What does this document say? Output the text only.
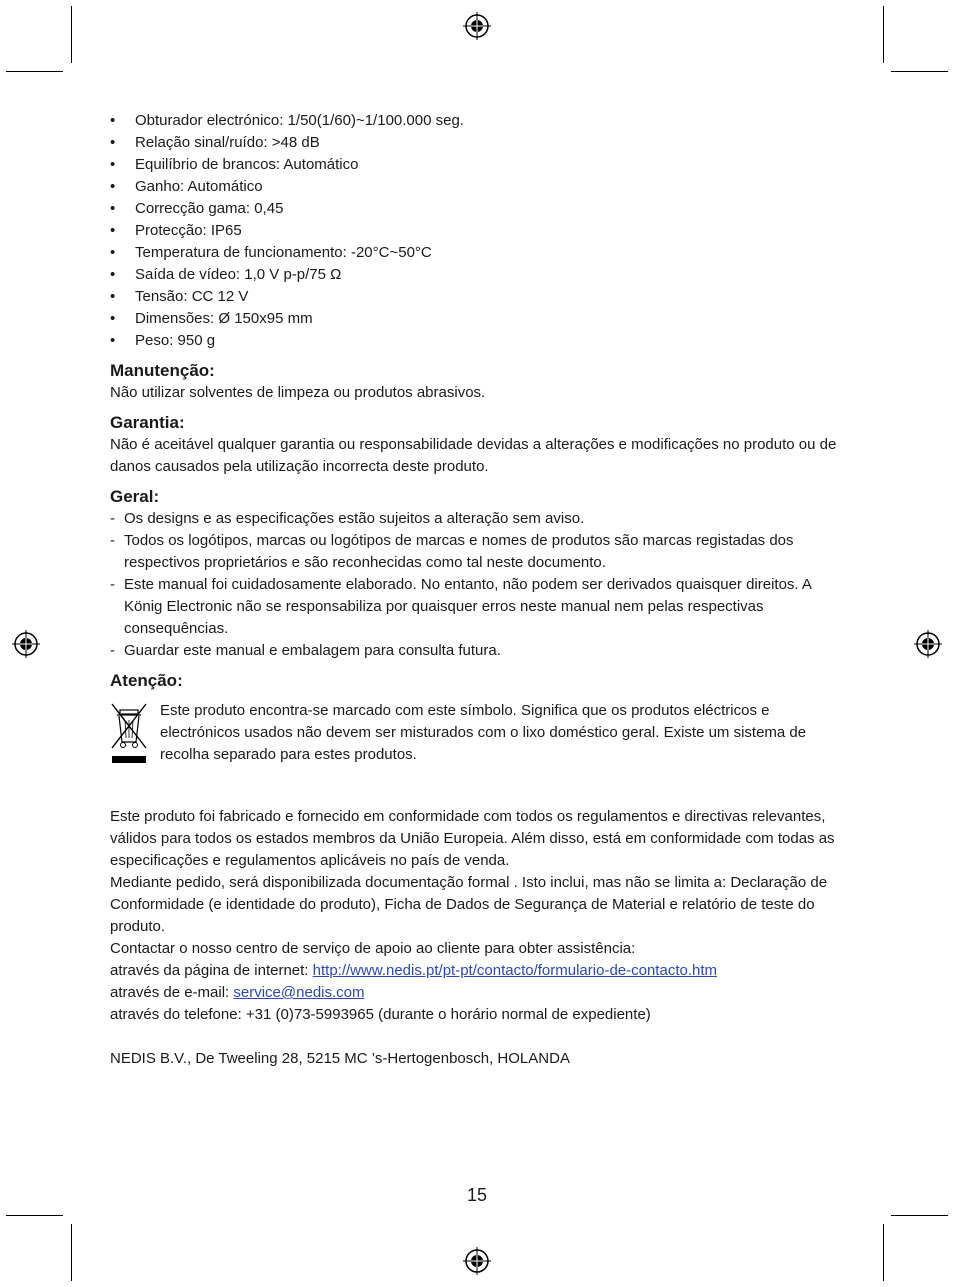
• Obturador electrónico: 1/50(1/60)~1/100.000 seg.
• Relação sinal/ruído: >48 dB
• Equilíbrio de brancos: Automático
• Ganho: Automático
• Correcção gama: 0,45
• Protecção: IP65
• Temperatura de funcionamento: -20°C~50°C
• Saída de vídeo: 1,0 V p-p/75 Ω
• Tensão: CC 12 V
• Dimensões: Ø 150x95 mm
• Peso: 950 g
Manutenção:

Não utilizar solventes de limpeza ou produtos abrasivos.

Garantia:

Não é aceitável qualquer garantia ou responsabilidade devidas a alterações e modificações no produto ou de danos causados pela utilização incorrecta deste produto.

Geral:
- Os designs e as especificações estão sujeitos a alteração sem aviso.
- Todos os logótipos, marcas ou logótipos de marcas e nomes de produtos são marcas registadas dos respectivos proprietários e são reconhecidas como tal neste documento.
- Este manual foi cuidadosamente elaborado. No entanto, não podem ser derivados quaisquer direitos. A König Electronic não se responsabiliza por quaisquer erros neste manual nem pelas respectivas consequências.
- Guardar este manual e embalagem para consulta futura.
Atenção:

Este produto encontra-se marcado com este símbolo. Significa que os produtos eléctricos e electrónicos usados não devem ser misturados com o lixo doméstico geral. Existe um sistema de recolha separado para estes produtos.

Este produto foi fabricado e fornecido em conformidade com todos os regulamentos e directivas relevantes, válidos para todos os estados membros da União Europeia. Além disso, está em conformidade com todas as especificações e regulamentos aplicáveis no país de venda.

Mediante pedido, será disponibilizada documentação formal . Isto inclui, mas não se limita a: Declaração de Conformidade (e identidade do produto), Ficha de Dados de Segurança de Material e relatório de teste do produto.

Contactar o nosso centro de serviço de apoio ao cliente para obter assistência:

através da página de internet: http://www.nedis.pt/pt-pt/contacto/formulario-de-contacto.htm

através de e-mail: service@nedis.com

através do telefone: +31 (0)73-5993965 (durante o horário normal de expediente)

NEDIS B.V., De Tweeling 28, 5215 MC ’s-Hertogenbosch, HOLANDA

15
